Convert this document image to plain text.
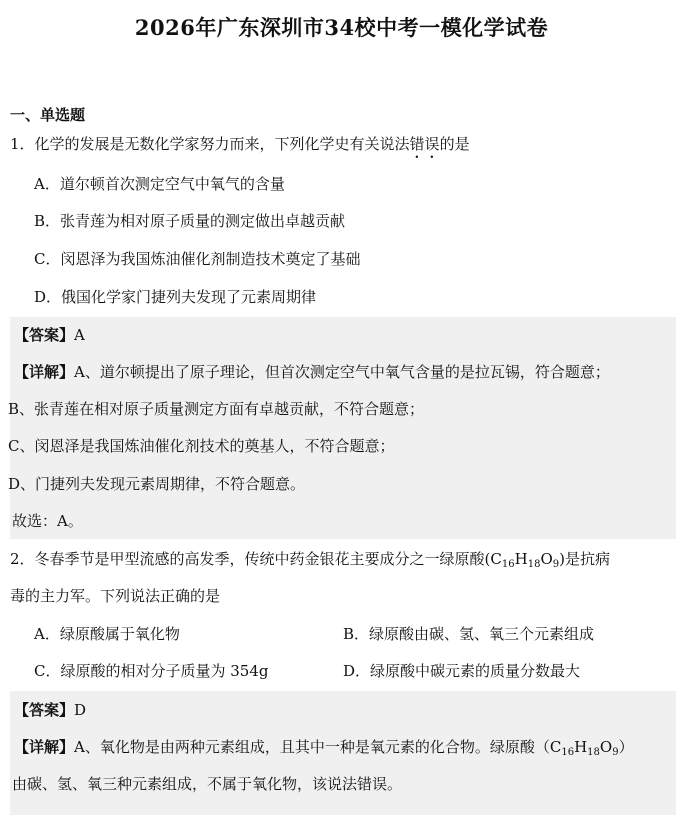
2026年广东深圳市34校中考一模化学试卷
一、单选题
1．化学的发展是无数化学家努力而来，下列化学史有关说法错误的是
A．道尔顿首次测定空气中氧气的含量
B．张青莲为相对原子质量的测定做出卓越贡献
C．闵恩泽为我国炼油催化剂制造技术奠定了基础
D．俄国化学家门捷列夫发现了元素周期律
【答案】A
【详解】A、道尔顿提出了原子理论，但首次测定空气中氧气含量的是拉瓦锡，符合题意；
B、张青莲在相对原子质量测定方面有卓越贡献，不符合题意；
C、闵恩泽是我国炼油催化剂技术的奠基人，不符合题意；
D、门捷列夫发现元素周期律，不符合题意。
故选：A。
2．冬春季节是甲型流感的高发季，传统中药金银花主要成分之一绿原酸$(C_{16}H_{18}O_9)$是抗病
毒的主力军。下列说法正确的是
A．绿原酸属于氧化物	B．绿原酸由碳、氢、氧三个元素组成
C．绿原酸的相对分子质量为 354g	D．绿原酸中碳元素的质量分数最大
【答案】D
【详解】A、氧化物是由两种元素组成，且其中一种是氧元素的化合物。绿原酸$(C_{16}H_{18}O_9)$
由碳、氢、氧三种元素组成，不属于氧化物，该说法错误。
